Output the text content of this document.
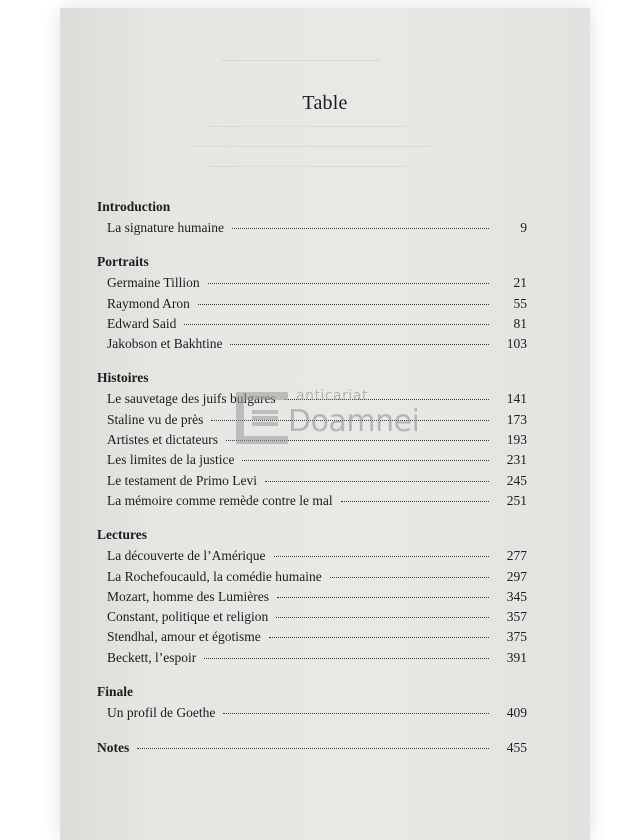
Table
Introduction
La signature humaine	9
Portraits
Germaine Tillion	21
Raymond Aron	55
Edward Said	81
Jakobson et Bakhtine	103
Histoires
Le sauvetage des juifs bulgares	141
Staline vu de près	173
Artistes et dictateurs	193
Les limites de la justice	231
Le testament de Primo Levi	245
La mémoire comme remède contre le mal	251
Lectures
La découverte de l’Amérique	277
La Rochefoucauld, la comédie humaine	297
Mozart, homme des Lumières	345
Constant, politique et religion	357
Stendhal, amour et égotisme	375
Beckett, l’espoir	391
Finale
Un profil de Goethe	409
Notes	455
anticariat
Doamnei
